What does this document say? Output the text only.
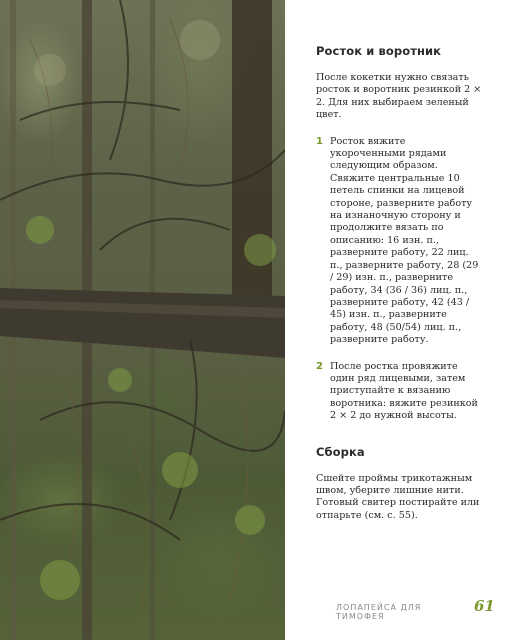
Росток и воротник

После кокетки нужно связать росток и воротник резинкой 2 × 2. Для них выбираем зеленый цвет.

1 Росток вяжите укороченными рядами следующим образом. Свяжите центральные 10 петель спинки на лицевой стороне, разверните работу на изнаночную сторону и продолжите вязать по описанию: 16 изн. п., разверните работу, 22 лиц. п., разверните работу, 28 (29 / 29) изн. п., разверните работу, 34 (36 / 36) лиц. п., разверните работу, 42 (43 / 45) изн. п., разверните работу, 48 (50/54) лиц. п., разверните работу.
2 После ростка провяжите один ряд лицевыми, затем приступайте к вязанию воротника: вяжите резинкой 2 × 2 до нужной высоты.
Сборка

Сшейте проймы трикотажным швом, уберите лишние нити. Готовый свитер постирайте или отпарьте (см. с. 55).

ЛОПАПЕЙСА ДЛЯ ТИМОФЕЯ
61
